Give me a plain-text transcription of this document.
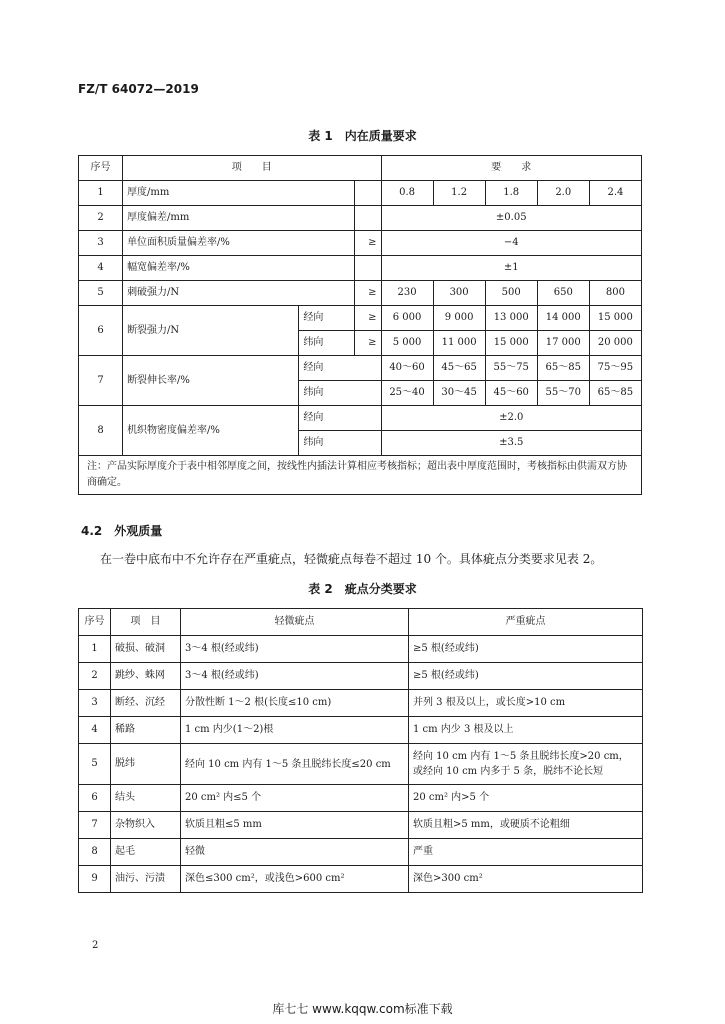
FZ/T 64072—2019
表 1　内在质量要求
序号	项　　目			要　　求				
1	厚度/mm			0.8	1.2	1.8	2.0	2.4
2	厚度偏差/mm			±0.05				
3	单位面积质量偏差率/%		≥	−4				
4	幅宽偏差率/%			±1				
5	刺破强力/N		≥	230	300	500	650	800
6	断裂强力/N	经向	≥	6 000	9 000	13 000	14 000	15 000
		纬向	≥	5 000	11 000	15 000	17 000	20 000
7	断裂伸长率/%	经向		40～60	45～65	55～75	65～85	75～95
		纬向		25～40	30～45	45～60	55～70	65～85
8	机织物密度偏差率/%	经向		±2.0				
		纬向		±3.5				
注：产品实际厚度介于表中相邻厚度之间，按线性内插法计算相应考核指标；超出表中厚度范围时，考核指标由供需双方协商确定。								
4.2　 外观质量
在一卷中底布中不允许存在严重疵点，轻微疵点每卷不超过 10 个。具体疵点分类要求见表 2。
表 2　疵点分类要求
序号	项　目	轻微疵点	严重疵点
1	破损、破洞	3～4 根(经或纬)	≥5 根(经或纬)
2	跳纱、蛛网	3～4 根(经或纬)	≥5 根(经或纬)
3	断经、沉经	分散性断 1～2 根(长度≤10 cm)	并列 3 根及以上，或长度>10 cm
4	稀路	1 cm 内少(1～2)根	1 cm 内少 3 根及以上
5	脱纬	经向 10 cm 内有 1～5 条且脱纬长度≤20 cm	经向 10 cm 内有 1～5 条且脱纬长度>20 cm，或经向 10 cm 内多于 5 条，脱纬不论长短
6	结头	20 cm² 内≤5 个	20 cm² 内>5 个
7	杂物织入	软质且粗≤5 mm	软质且粗>5 mm，或硬质不论粗细
8	起毛	轻微	严重
9	油污、污渍	深色≤300 cm²，或浅色>600 cm²	深色>300 cm²
2
库七七 www.kqqw.com标准下载
